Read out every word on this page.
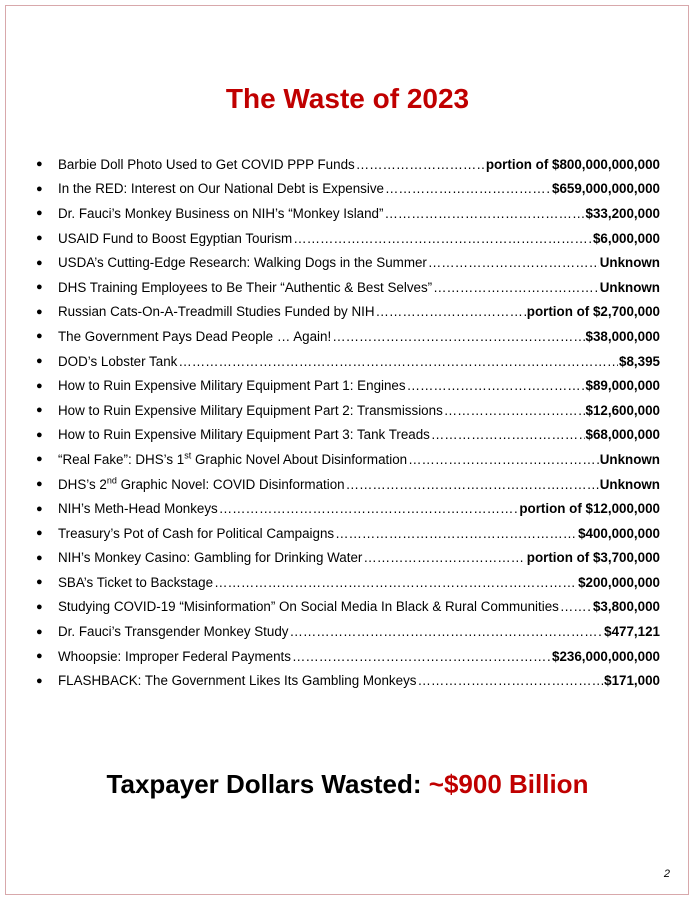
The Waste of 2023
●	Barbie Doll Photo Used to Get COVID PPP Funds …………………………………………………………………………………………………………………………………………………………………………	portion of $800,000,000,000
●	In the RED: Interest on Our National Debt is Expensive …………………………………………………………………………………………………………………………………………………………………………	$659,000,000,000
●	Dr. Fauci’s Monkey Business on NIH’s “Monkey Island” …………………………………………………………………………………………………………………………………………………………………………	$33,200,000
●	USAID Fund to Boost Egyptian Tourism …………………………………………………………………………………………………………………………………………………………………………	$6,000,000
●	USDA’s Cutting-Edge Research: Walking Dogs in the Summer …………………………………………………………………………………………………………………………………………………………………………	Unknown
●	DHS Training Employees to Be Their “Authentic & Best Selves” …………………………………………………………………………………………………………………………………………………………………………	Unknown
●	Russian Cats-On-A-Treadmill Studies Funded by NIH …………………………………………………………………………………………………………………………………………………………………………	portion of $2,700,000
●	The Government Pays Dead People … Again! …………………………………………………………………………………………………………………………………………………………………………	$38,000,000
●	DOD’s Lobster Tank …………………………………………………………………………………………………………………………………………………………………………	$8,395
●	How to Ruin Expensive Military Equipment Part 1: Engines …………………………………………………………………………………………………………………………………………………………………………	$89,000,000
●	How to Ruin Expensive Military Equipment Part 2: Transmissions …………………………………………………………………………………………………………………………………………………………………………	$12,600,000
●	How to Ruin Expensive Military Equipment Part 3: Tank Treads …………………………………………………………………………………………………………………………………………………………………………	$68,000,000
●	“Real Fake”: DHS’s 1st Graphic Novel About Disinformation …………………………………………………………………………………………………………………………………………………………………………	Unknown
●	DHS’s 2nd Graphic Novel: COVID Disinformation …………………………………………………………………………………………………………………………………………………………………………	Unknown
●	NIH’s Meth-Head Monkeys …………………………………………………………………………………………………………………………………………………………………………	portion of $12,000,000
●	Treasury’s Pot of Cash for Political Campaigns …………………………………………………………………………………………………………………………………………………………………………	$400,000,000
●	NIH’s Monkey Casino: Gambling for Drinking Water …………………………………………………………………………………………………………………………………………………………………………	portion of $3,700,000
●	SBA’s Ticket to Backstage …………………………………………………………………………………………………………………………………………………………………………	$200,000,000
●	Studying COVID-19 “Misinformation” On Social Media In Black & Rural Communities …………………………………………………………………………………………………………………………………………………………………………	$3,800,000
●	Dr. Fauci’s Transgender Monkey Study …………………………………………………………………………………………………………………………………………………………………………	$477,121
●	Whoopsie: Improper Federal Payments …………………………………………………………………………………………………………………………………………………………………………	$236,000,000,000
●	FLASHBACK: The Government Likes Its Gambling Monkeys …………………………………………………………………………………………………………………………………………………………………………	$171,000

Taxpayer Dollars Wasted: ~$900 Billion

2
